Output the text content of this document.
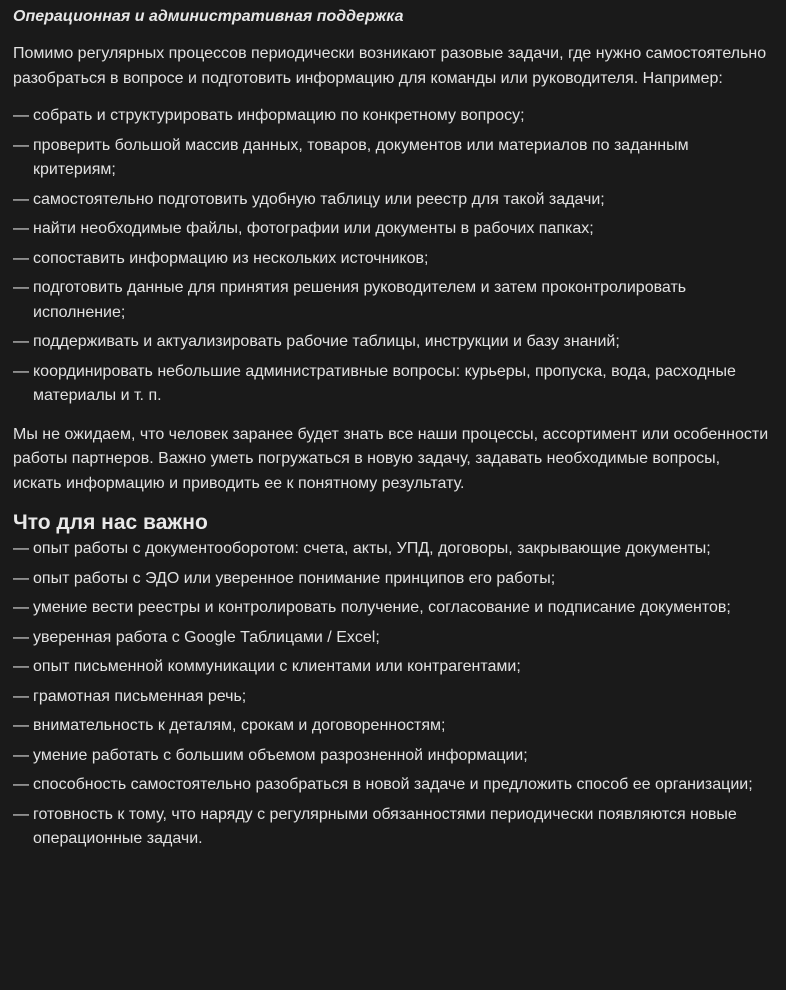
Операционная и административная поддержка

Помимо регулярных процессов периодически возникают разовые задачи, где нужно самостоятельно разобраться в вопросе и подготовить информацию для команды или руководителя. Например:

— собрать и структурировать информацию по конкретному вопросу;
— проверить большой массив данных, товаров, документов или материалов по заданным критериям;
— самостоятельно подготовить удобную таблицу или реестр для такой задачи;
— найти необходимые файлы, фотографии или документы в рабочих папках;
— сопоставить информацию из нескольких источников;
— подготовить данные для принятия решения руководителем и затем проконтролировать исполнение;
— поддерживать и актуализировать рабочие таблицы, инструкции и базу знаний;
— координировать небольшие административные вопросы: курьеры, пропуска, вода, расходные материалы и т. п.

Мы не ожидаем, что человек заранее будет знать все наши процессы, ассортимент или особенности работы партнеров. Важно уметь погружаться в новую задачу, задавать необходимые вопросы, искать информацию и приводить ее к понятному результату.

Что для нас важно
— опыт работы с документооборотом: счета, акты, УПД, договоры, закрывающие документы;
— опыт работы с ЭДО или уверенное понимание принципов его работы;
— умение вести реестры и контролировать получение, согласование и подписание документов;
— уверенная работа с Google Таблицами / Excel;
— опыт письменной коммуникации с клиентами или контрагентами;
— грамотная письменная речь;
— внимательность к деталям, срокам и договоренностям;
— умение работать с большим объемом разрозненной информации;
— способность самостоятельно разобраться в новой задаче и предложить способ ее организации;
— готовность к тому, что наряду с регулярными обязанностями периодически появляются новые операционные задачи.
